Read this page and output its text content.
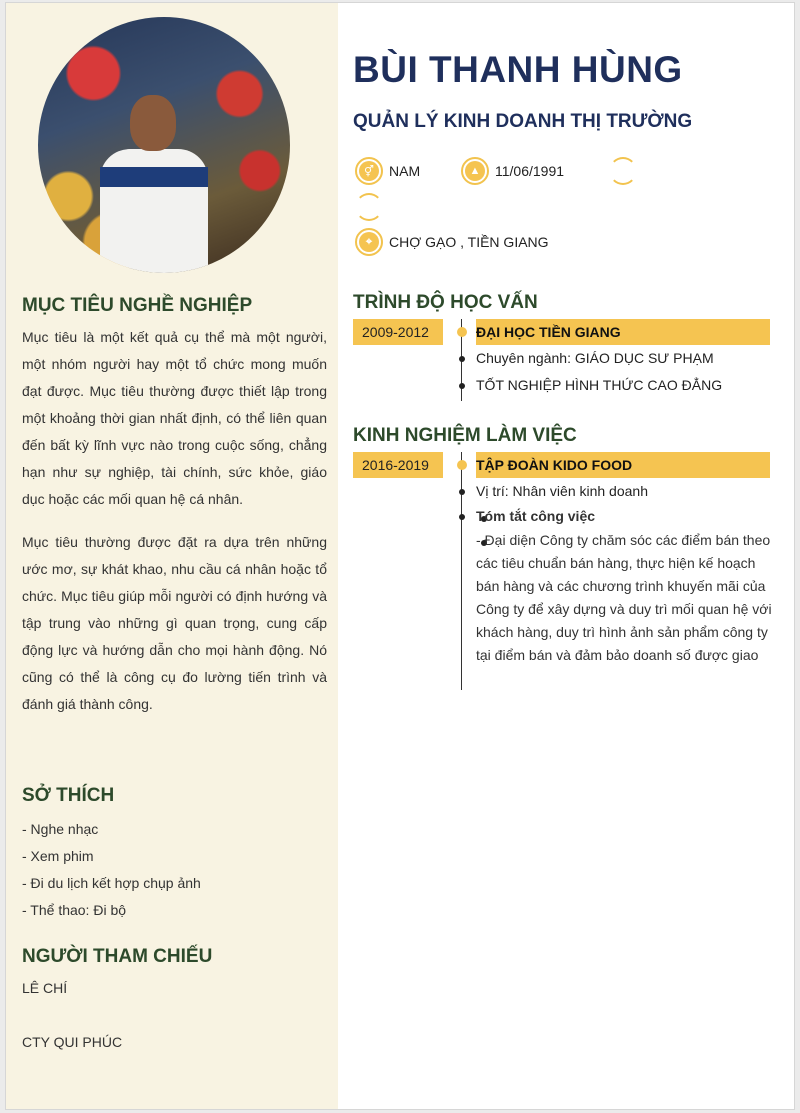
MỤC TIÊU NGHỀ NGHIỆP

Mục tiêu là một kết quả cụ thể mà một người, một nhóm người hay một tổ chức mong muốn đạt được. Mục tiêu thường được thiết lập trong một khoảng thời gian nhất định, có thể liên quan đến bất kỳ lĩnh vực nào trong cuộc sống, chẳng hạn như sự nghiệp, tài chính, sức khỏe, giáo dục hoặc các mối quan hệ cá nhân.

Mục tiêu thường được đặt ra dựa trên những ước mơ, sự khát khao, nhu cầu cá nhân hoặc tổ chức. Mục tiêu giúp mỗi người có định hướng và tập trung vào những gì quan trọng, cung cấp động lực và hướng dẫn cho mọi hành động. Nó cũng có thể là công cụ đo lường tiến trình và đánh giá thành công.

SỞ THÍCH
- Nghe nhạc
- Xem phim
- Đi du lịch kết hợp chụp ảnh
- Thể thao: Đi bộ
NGƯỜI THAM CHIẾU
LÊ CHÍ
CTY QUI PHÚC
BÙI THANH HÙNG
QUẢN LÝ KINH DOANH THỊ TRƯỜNG
⚥	NAM	▲	11/06/1991
⌖	CHỢ GẠO , TIỀN GIANG
TRÌNH ĐỘ HỌC VẤN
2009-2012	ĐẠI HỌC TIỀN GIANG
Chuyên ngành: GIÁO DỤC SƯ PHẠM
TỐT NGHIỆP HÌNH THỨC CAO ĐẲNG
KINH NGHIỆM LÀM VIỆC
2016-2019	TẬP ĐOÀN KIDO FOOD
Vị trí: Nhân viên kinh doanh
Tóm tắt công việc

- Đại diện Công ty chăm sóc các điểm bán theo các tiêu chuẩn bán hàng, thực hiện kế hoạch bán hàng và các chương trình khuyến mãi của Công ty để xây dựng và duy trì mối quan hệ với khách hàng, duy trì hình ảnh sản phẩm công ty tại điểm bán và đảm bảo doanh số được giao
